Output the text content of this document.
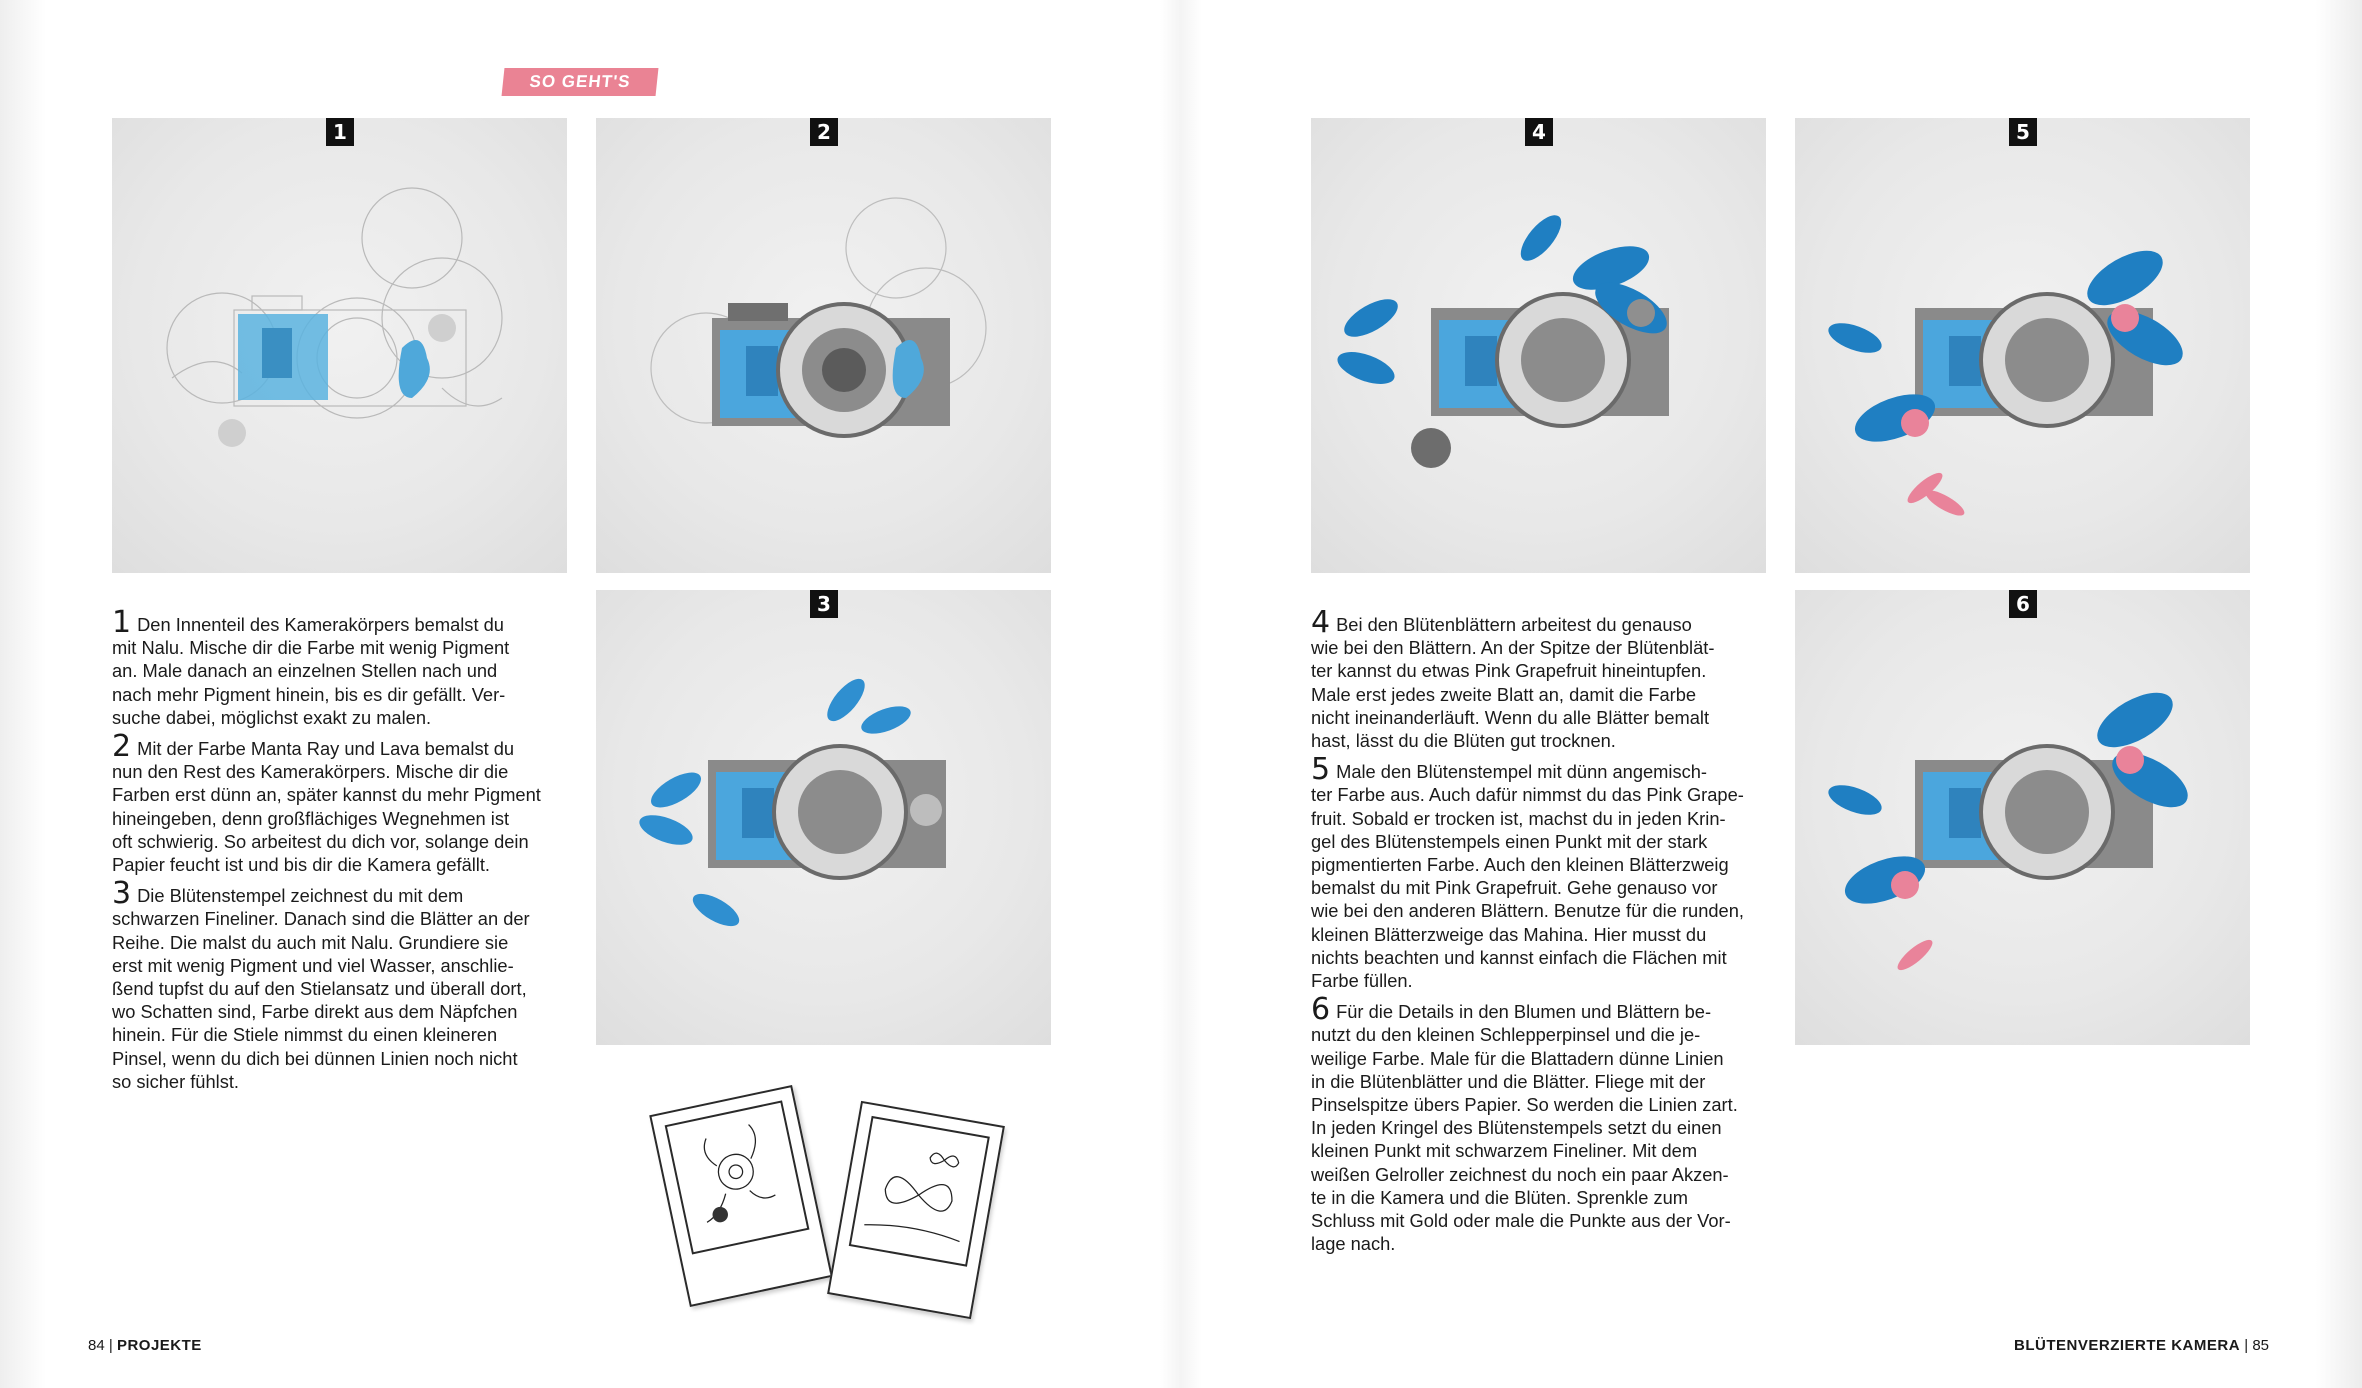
SO GEHT'S
1	2
3
4	5
6
1 Den Innenteil des Kamerakörpers bemalst du
mit Nalu. Mische dir die Farbe mit wenig Pigment
an. Male danach an einzelnen Stellen nach und
nach mehr Pigment hinein, bis es dir gefällt. Ver-
suche dabei, möglichst exakt zu malen.
2 Mit der Farbe Manta Ray und Lava bemalst du
nun den Rest des Kamerakörpers. Mische dir die
Farben erst dünn an, später kannst du mehr Pigment
hineingeben, denn großflächiges Wegnehmen ist
oft schwierig. So arbeitest du dich vor, solange dein
Papier feucht ist und bis dir die Kamera gefällt.
3 Die Blütenstempel zeichnest du mit dem
schwarzen Fineliner. Danach sind die Blätter an der
Reihe. Die malst du auch mit Nalu. Grundiere sie
erst mit wenig Pigment und viel Wasser, anschlie-
ßend tupfst du auf den Stielansatz und überall dort,
wo Schatten sind, Farbe direkt aus dem Näpfchen
hinein. Für die Stiele nimmst du einen kleineren
Pinsel, wenn du dich bei dünnen Linien noch nicht
so sicher fühlst.
4 Bei den Blütenblättern arbeitest du genauso
wie bei den Blättern. An der Spitze der Blütenblät-
ter kannst du etwas Pink Grapefruit hineintupfen.
Male erst jedes zweite Blatt an, damit die Farbe
nicht ineinanderläuft. Wenn du alle Blätter bemalt
hast, lässt du die Blüten gut trocknen.
5 Male den Blütenstempel mit dünn angemisch-
ter Farbe aus. Auch dafür nimmst du das Pink Grape-
fruit. Sobald er trocken ist, machst du in jeden Krin-
gel des Blütenstempels einen Punkt mit der stark
pigmentierten Farbe. Auch den kleinen Blätterzweig
bemalst du mit Pink Grapefruit. Gehe genauso vor
wie bei den anderen Blättern. Benutze für die runden,
kleinen Blätterzweige das Mahina. Hier musst du
nichts beachten und kannst einfach die Flächen mit
Farbe füllen.
6 Für die Details in den Blumen und Blättern be-
nutzt du den kleinen Schlepperpinsel und die je-
weilige Farbe. Male für die Blattadern dünne Linien
in die Blütenblätter und die Blätter. Fliege mit der
Pinselspitze übers Papier. So werden die Linien zart.
In jeden Kringel des Blütenstempels setzt du einen
kleinen Punkt mit schwarzem Fineliner. Mit dem
weißen Gelroller zeichnest du noch ein paar Akzen-
te in die Kamera und die Blüten. Sprenkle zum
Schluss mit Gold oder male die Punkte aus der Vor-
lage nach.
84 | PROJEKTE	BLÜTENVERZIERTE KAMERA | 85
